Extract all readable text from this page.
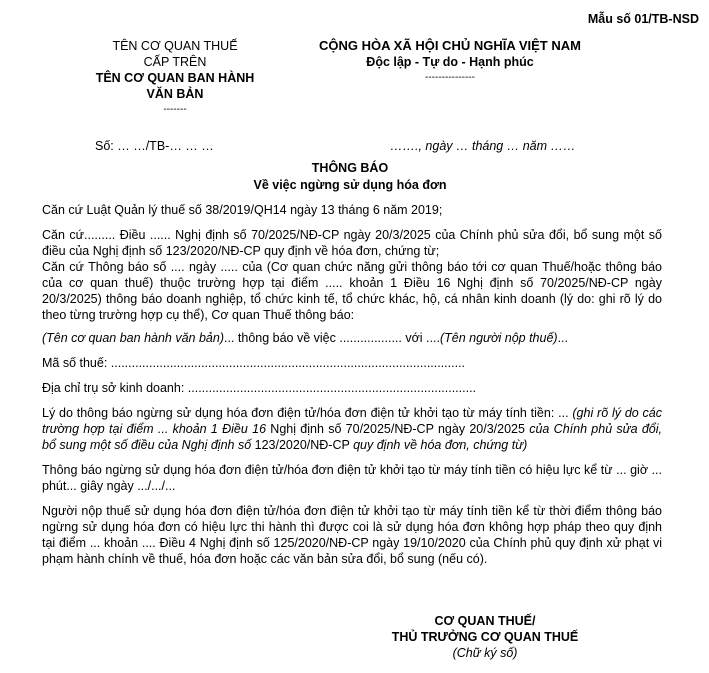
Mẫu số 01/TB-NSD
TÊN CƠ QUAN THUẾ
CẤP TRÊN
TÊN CƠ QUAN BAN HÀNH
VĂN BẢN
-------
CỘNG HÒA XÃ HỘI CHỦ NGHĨA VIỆT NAM
Độc lập - Tự do - Hạnh phúc
---------------
Số: … …/TB-… … …	……., ngày … tháng … năm ……
THÔNG BÁO
Về việc ngừng sử dụng hóa đơn

Căn cứ Luật Quản lý thuế số 38/2019/QH14 ngày 13 tháng 6 năm 2019;

Căn cứ......... Điều ...... Nghị định số 70/2025/NĐ-CP ngày 20/3/2025 của Chính phủ sửa đổi, bổ sung một số điều của Nghị định số 123/2020/NĐ-CP quy định về hóa đơn, chứng từ;

Căn cứ Thông báo số .... ngày ..... của (Cơ quan chức năng gửi thông báo tới cơ quan Thuế/hoặc thông báo của cơ quan thuế) thuộc trường hợp tại điểm ..... khoản 1 Điều 16 Nghị định số 70/2025/NĐ-CP ngày 20/3/2025) thông báo doanh nghiệp, tổ chức kinh tế, tổ chức khác, hộ, cá nhân kinh doanh (lý do: ghi rõ lý do theo từng trường hợp cụ thể), Cơ quan Thuế thông báo:

(Tên cơ quan ban hành văn bản)... thông báo về việc .................. với ....(Tên người nộp thuế)...

Mã số thuế: ......................................................................................................

Địa chỉ trụ sở kinh doanh: ...................................................................................

Lý do thông báo ngừng sử dụng hóa đơn điện tử/hóa đơn điện tử khởi tạo từ máy tính tiền: ... (ghi rõ lý do các trường hợp tại điểm ... khoản 1 Điều 16 Nghị định số 70/2025/NĐ-CP ngày 20/3/2025 của Chính phủ sửa đổi, bổ sung một số điều của Nghị định số 123/2020/NĐ-CP quy định về hóa đơn, chứng từ)

Thông báo ngừng sử dụng hóa đơn điện tử/hóa đơn điện tử khởi tạo từ máy tính tiền có hiệu lực kể từ ... giờ ... phút... giây ngày .../.../...

Người nộp thuế sử dụng hóa đơn điện tử/hóa đơn điện tử khởi tạo từ máy tính tiền kể từ thời điểm thông báo ngừng sử dụng hóa đơn có hiệu lực thi hành thì được coi là sử dụng hóa đơn không hợp pháp theo quy định tại điểm ... khoản .... Điều 4 Nghị định số 125/2020/NĐ-CP ngày 19/10/2020 của Chính phủ quy định xử phạt vi phạm hành chính về thuế, hóa đơn hoặc các văn bản sửa đổi, bổ sung (nếu có).

CƠ QUAN THUẾ/
THỦ TRƯỞNG CƠ QUAN THUẾ
(Chữ ký số)
